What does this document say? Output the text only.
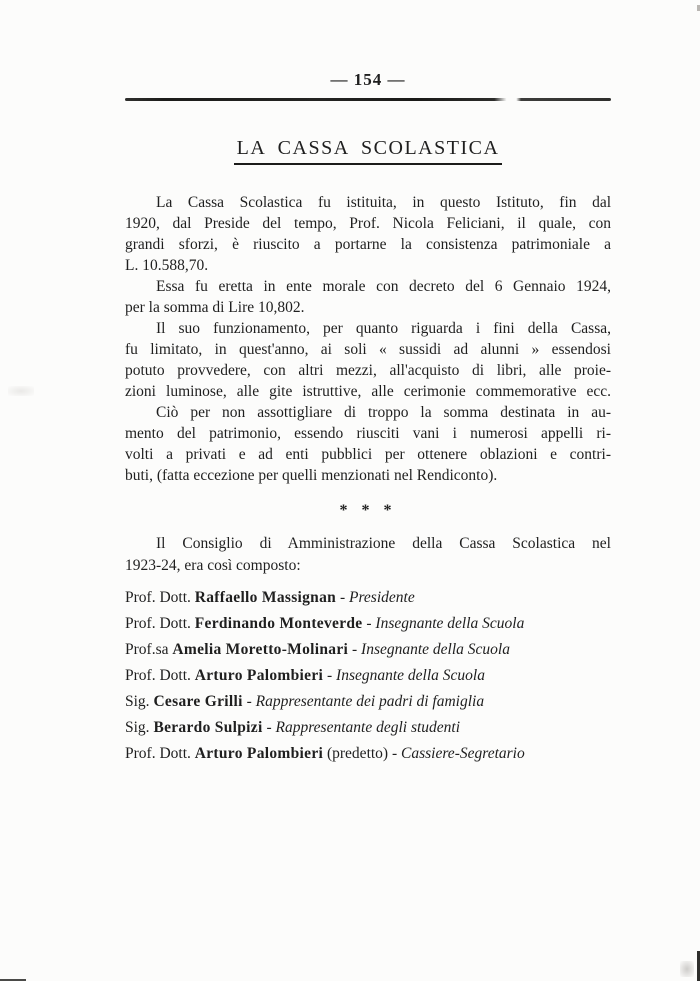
— 154 —
LA CASSA SCOLASTICA
La Cassa Scolastica fu istituita, in questo Istituto, fin dal
1920, dal Preside del tempo, Prof. Nicola Feliciani, il quale, con
grandi sforzi, è riuscito a portarne la consistenza patrimoniale a
L. 10.588,70.
Essa fu eretta in ente morale con decreto del 6 Gennaio 1924,
per la somma di Lire 10,802.
Il suo funzionamento, per quanto riguarda i fini della Cassa,
fu limitato, in quest'anno, ai soli « sussidi ad alunni » essendosi
potuto provvedere, con altri mezzi, all'acquisto di libri, alle proie-
zioni luminose, alle gite istruttive, alle cerimonie commemorative ecc.
Ciò per non assottigliare di troppo la somma destinata in au-
mento del patrimonio, essendo riusciti vani i numerosi appelli ri-
volti a privati e ad enti pubblici per ottenere oblazioni e contri-
buti, (fatta eccezione per quelli menzionati nel Rendiconto).
* * *
Il Consiglio di Amministrazione della Cassa Scolastica nel
1923-24, era così composto:
Prof. Dott. Raffaello Massignan - Presidente
Prof. Dott. Ferdinando Monteverde - Insegnante della Scuola
Prof.sa Amelia Moretto-Molinari - Insegnante della Scuola
Prof. Dott. Arturo Palombieri - Insegnante della Scuola
Sig. Cesare Grilli - Rappresentante dei padri di famiglia
Sig. Berardo Sulpizi - Rappresentante degli studenti
Prof. Dott. Arturo Palombieri (predetto) - Cassiere-Segretario
